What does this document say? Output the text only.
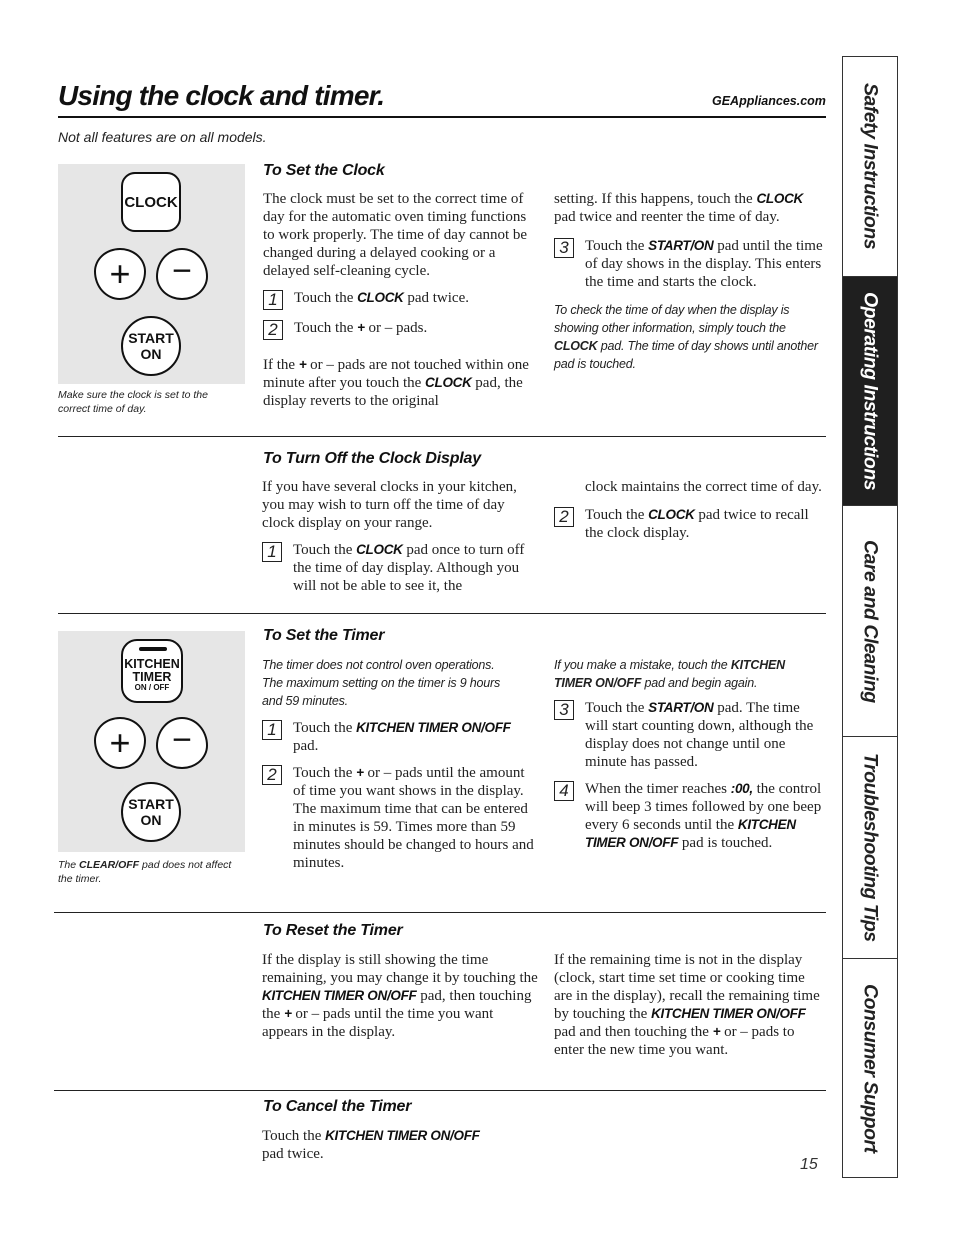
Using the clock and timer.	GEAppliances.com
Not all features are on all models.
CLOCK
+ −
START
ON
Make sure the clock is set to the correct time of day.
KITCHEN
TIMER
ON / OFF
+ −
START
ON
The CLEAR/OFF pad does not affect the timer.
To Set the Clock

The clock must be set to the correct time of day for the automatic oven timing functions to work properly. The time of day cannot be changed during a delayed cooking or a delayed self-cleaning cycle.

1	Touch the CLOCK pad twice.
2	Touch the + or – pads.

If the + or – pads are not touched within one minute after you touch the CLOCK pad, the display reverts to the original

setting. If this happens, touch the CLOCK pad twice and reenter the time of day.

3	Touch the START/ON pad until the time of day shows in the display. This enters the time and starts the clock.

To check the time of day when the display is showing other information, simply touch the CLOCK pad. The time of day shows until another pad is touched.

To Turn Off the Clock Display

If you have several clocks in your kitchen, you may wish to turn off the time of day clock display on your range.

1	Touch the CLOCK pad once to turn off the time of day display. Although you will not be able to see it, the

clock maintains the correct time of day.

2	Touch the CLOCK pad twice to recall the clock display.
To Set the Timer

The timer does not control oven operations. The maximum setting on the timer is 9 hours and 59 minutes.

1	Touch the KITCHEN TIMER ON/OFF pad.
2	Touch the + or – pads until the amount of time you want shows in the display. The maximum time that can be entered in minutes is 59. Times more than 59 minutes should be changed to hours and minutes.

If you make a mistake, touch the KITCHEN TIMER ON/OFF pad and begin again.

3	Touch the START/ON pad. The time will start counting down, although the display does not change until one minute has passed.
4	When the timer reaches :00, the control will beep 3 times followed by one beep every 6 seconds until the KITCHEN TIMER ON/OFF pad is touched.
To Reset the Timer

If the display is still showing the time remaining, you may change it by touching the KITCHEN TIMER ON/OFF pad, then touching the + or – pads until the time you want appears in the display.

If the remaining time is not in the display (clock, start time set time or cooking time are in the display), recall the remaining time by touching the KITCHEN TIMER ON/OFF pad and then touching the + or – pads to enter the new time you want.

To Cancel the Timer

Touch the KITCHEN TIMER ON/OFF
pad twice.

15
Safety Instructions
Operating Instructions
Care and Cleaning
Troubleshooting Tips
Consumer Support
